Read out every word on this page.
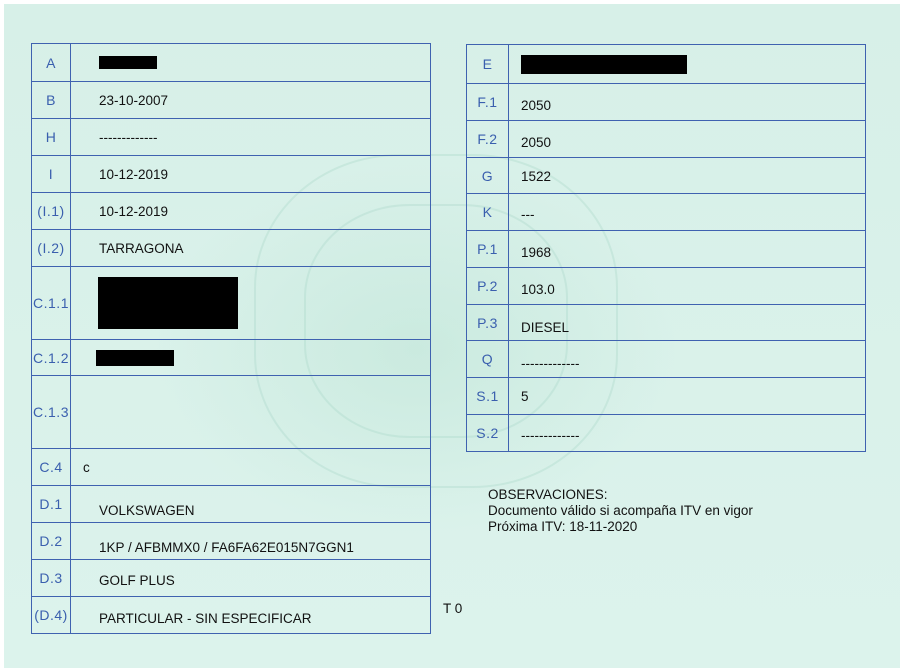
A
B	23-10-2007
H	-------------
I	10-12-2019
(I.1)	10-12-2019
(I.2)	TARRAGONA
C.1.1
C.1.2
C.1.3
C.4	c
D.1	VOLKSWAGEN
D.2	1KP / AFBMMX0 / FA6FA62E015N7GGN1
D.3	GOLF PLUS
(D.4)	PARTICULAR - SIN ESPECIFICAR
E
F.1	2050
F.2	2050
G	1522
K	---
P.1	1968
P.2	103.0
P.3	DIESEL
Q	-------------
S.1	5
S.2	-------------
OBSERVACIONES:
Documento válido si acompaña ITV en vigor
Próxima ITV: 18-11-2020
T 0
